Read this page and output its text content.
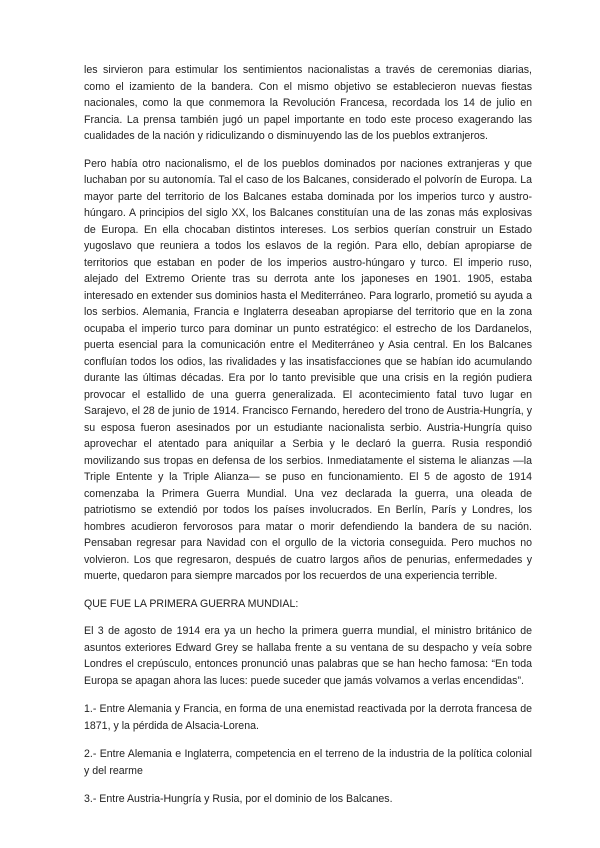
les sirvieron para estimular los sentimientos nacionalistas a través de ceremonias diarias, como el izamiento de la bandera. Con el mismo objetivo se establecieron nuevas fiestas nacionales, como la que conmemora la Revolución Francesa, recordada los 14 de julio en Francia. La prensa también jugó un papel importante en todo este proceso exagerando las cualidades de la nación y ridiculizando o disminuyendo las de los pueblos extranjeros.

Pero había otro nacionalismo, el de los pueblos dominados por naciones extranjeras y que luchaban por su autonomía. Tal el caso de los Balcanes, considerado el polvorín de Europa. La mayor parte del territorio de los Balcanes estaba dominada por los imperios turco y austro-húngaro. A principios del siglo XX, los Balcanes constituían una de las zonas más explosivas de Europa. En ella chocaban distintos intereses. Los serbios querían construir un Estado yugoslavo que reuniera a todos los eslavos de la región. Para ello, debían apropiarse de territorios que estaban en poder de los imperios austro-húngaro y turco. El imperio ruso, alejado del Extremo Oriente tras su derrota ante los japoneses en 1901. 1905, estaba interesado en extender sus dominios hasta el Mediterráneo. Para lograrlo, prometió su ayuda a los serbios. Alemania, Francia e Inglaterra deseaban apropiarse del territorio que en la zona ocupaba el imperio turco para dominar un punto estratégico: el estrecho de los Dardanelos, puerta esencial para la comunicación entre el Mediterráneo y Asia central. En los Balcanes confluían todos los odios, las rivalidades y las insatisfacciones que se habían ido acumulando durante las últimas décadas. Era por lo tanto previsible que una crisis en la región pudiera provocar el estallido de una guerra generalizada. El acontecimiento fatal tuvo lugar en Sarajevo, el 28 de junio de 1914. Francisco Fernando, heredero del trono de Austria-Hungría, y su esposa fueron asesinados por un estudiante nacionalista serbio. Austria-Hungría quiso aprovechar el atentado para aniquilar a Serbia y le declaró la guerra. Rusia respondió movilizando sus tropas en defensa de los serbios. Inmediatamente el sistema le alianzas —la Triple Entente y la Triple Alianza— se puso en funcionamiento. El 5 de agosto de 1914 comenzaba la Primera Guerra Mundial. Una vez declarada la guerra, una oleada de patriotismo se extendió por todos los países involucrados. En Berlín, París y Londres, los hombres acudieron fervorosos para matar o morir defendiendo la bandera de su nación. Pensaban regresar para Navidad con el orgullo de la victoria conseguida. Pero muchos no volvieron. Los que regresaron, después de cuatro largos años de penurias, enfermedades y muerte, quedaron para siempre marcados por los recuerdos de una experiencia terrible.

QUE FUE LA PRIMERA GUERRA MUNDIAL:

El 3 de agosto de 1914 era ya un hecho la primera guerra mundial, el ministro británico de asuntos exteriores Edward Grey se hallaba frente a su ventana de su despacho y veía sobre Londres el crepúsculo, entonces pronunció unas palabras que se han hecho famosa: “En toda Europa se apagan ahora las luces: puede suceder que jamás volvamos a verlas encendidas”.

1.- Entre Alemania y Francia, en forma de una enemistad reactivada por la derrota francesa de 1871, y la pérdida de Alsacia-Lorena.

2.- Entre Alemania e Inglaterra, competencia en el terreno de la industria de la política colonial y del rearme

3.- Entre Austria-Hungría y Rusia, por el dominio de los Balcanes.
